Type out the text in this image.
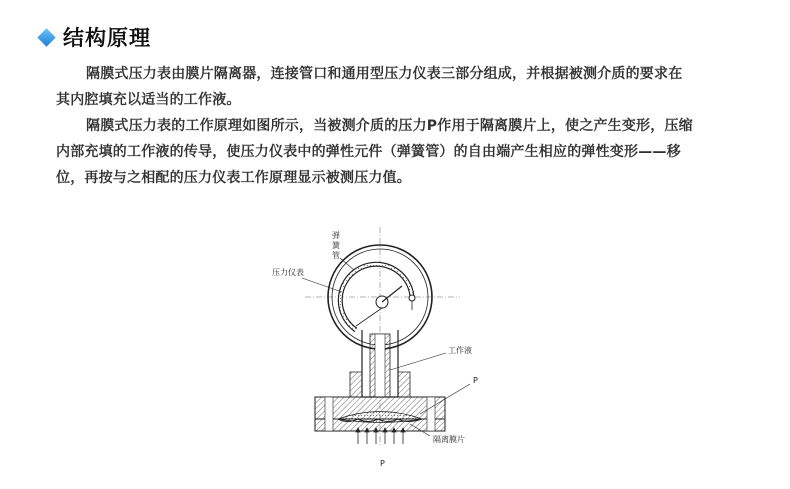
结构原理
隔膜式压力表由膜片隔离器，连接管口和通用型压力仪表三部分组成，并根据被测介质的要求在
其内腔填充以适当的工作液。
隔膜式压力表的工作原理如图所示，当被测介质的压力P作用于隔离膜片上，使之产生变形，压缩
内部充填的工作液的传导，使压力仪表中的弹性元件（弹簧管）的自由端产生相应的弹性变形——移
位，再按与之相配的压力仪表工作原理显示被测压力值。
弹
簧
管
压力仪表
工作液
P
隔离膜片
P
